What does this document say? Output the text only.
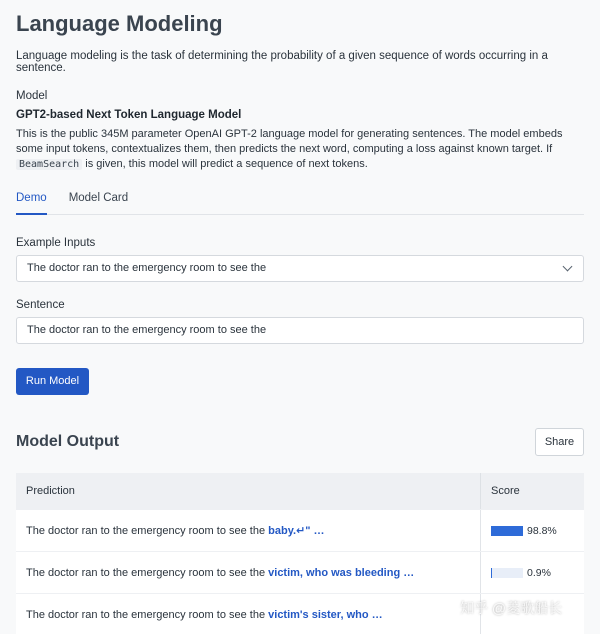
Language Modeling
Language modeling is the task of determining the probability of a given sequence of words occurring in a sentence.
Model
GPT2-based Next Token Language Model
This is the public 345M parameter OpenAI GPT-2 language model for generating sentences. The model embeds some input tokens, contextualizes them, then predicts the next word, computing a loss against known target. If BeamSearch is given, this model will predict a sequence of next tokens.
Demo Model Card
Example Inputs
The doctor ran to the emergency room to see the
Sentence
The doctor ran to the emergency room to see the
Run Model
Model Output	Share
Prediction	Score
The doctor ran to the emergency room to see the baby.↵" …	98.8%
The doctor ran to the emergency room to see the victim, who was bleeding …	0.9%
The doctor ran to the emergency room to see the victim's sister, who …	知乎 @菱歌船长
